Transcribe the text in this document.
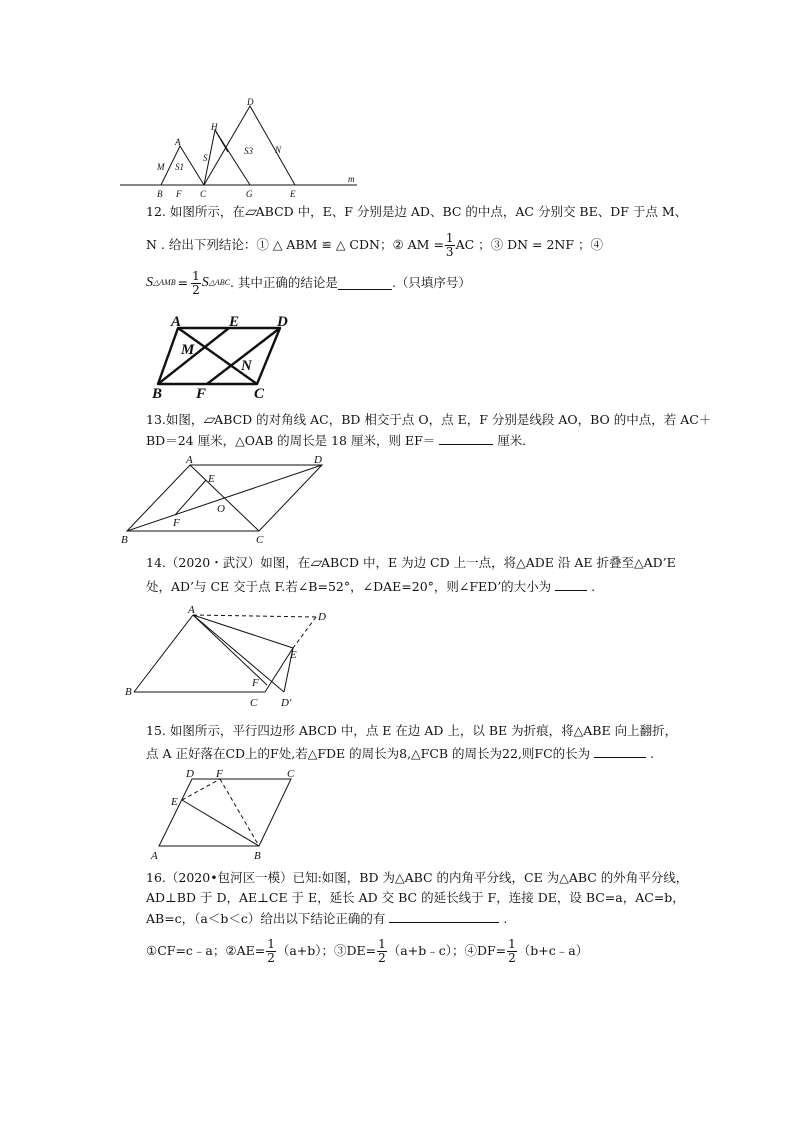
D
H
A
S1
S
S3 N
M
m
B F C	G	E
12. 如图所示，在▱ABCD 中，E、F 分别是边 AD、BC 的中点，AC 分别交 BE、DF 于点 M、
N . 给出下列结论：① △ ABM ≌ △ CDN；② AM = $\frac{1}{3}$ AC ；③ DN = 2NF ；④
S △AMB = $\frac{1}{2}$ S △ABC . 其中正确的结论是	.（只填序号）
A	E	D
M
N
B F	C
13.如图，▱ABCD 的对角线 AC，BD 相交于点 O，点 E，F 分别是线段 AO，BO 的中点，若 AC＋
BD＝24 厘米，△OAB 的周长是 18 厘米，则 EF＝	厘米．
A	D
E
O
F
B	C
14.（2020・武汉）如图，在▱ABCD 中，E 为边 CD 上一点，将△ADE 沿 AE 折叠至△AD’E
处，AD’与 CE 交于点 F.若∠B=52°，∠DAE=20°，则∠FED’的大小为	.
A
D
E
F
B
C D′
15. 如图所示，平行四边形 ABCD 中，点 E 在边 AD 上，以 BE 为折痕，将△ABE 向上翻折，
点 A 正好落在CD上的F处,若△FDE 的周长为8,△FCB 的周长为22,则FC的长为	.
D F	C
E
A	B
16.（2020•包河区一模）已知:如图，BD 为△ABC 的内角平分线，CE 为△ABC 的外角平分线，
AD⊥BD 于 D，AE⊥CE 于 E，延长 AD 交 BC 的延长线于 F，连接 DE，设 BC=a，AC=b，
AB=c，（a＜b＜c）给出以下结论正确的有	.
①CF=c﹣a；②AE= $\frac{1}{2} (a+b)$；③DE= $\frac{1}{2}$ （a+b﹣c）；④DF= $\frac{1}{2}$ （b+c﹣a）
